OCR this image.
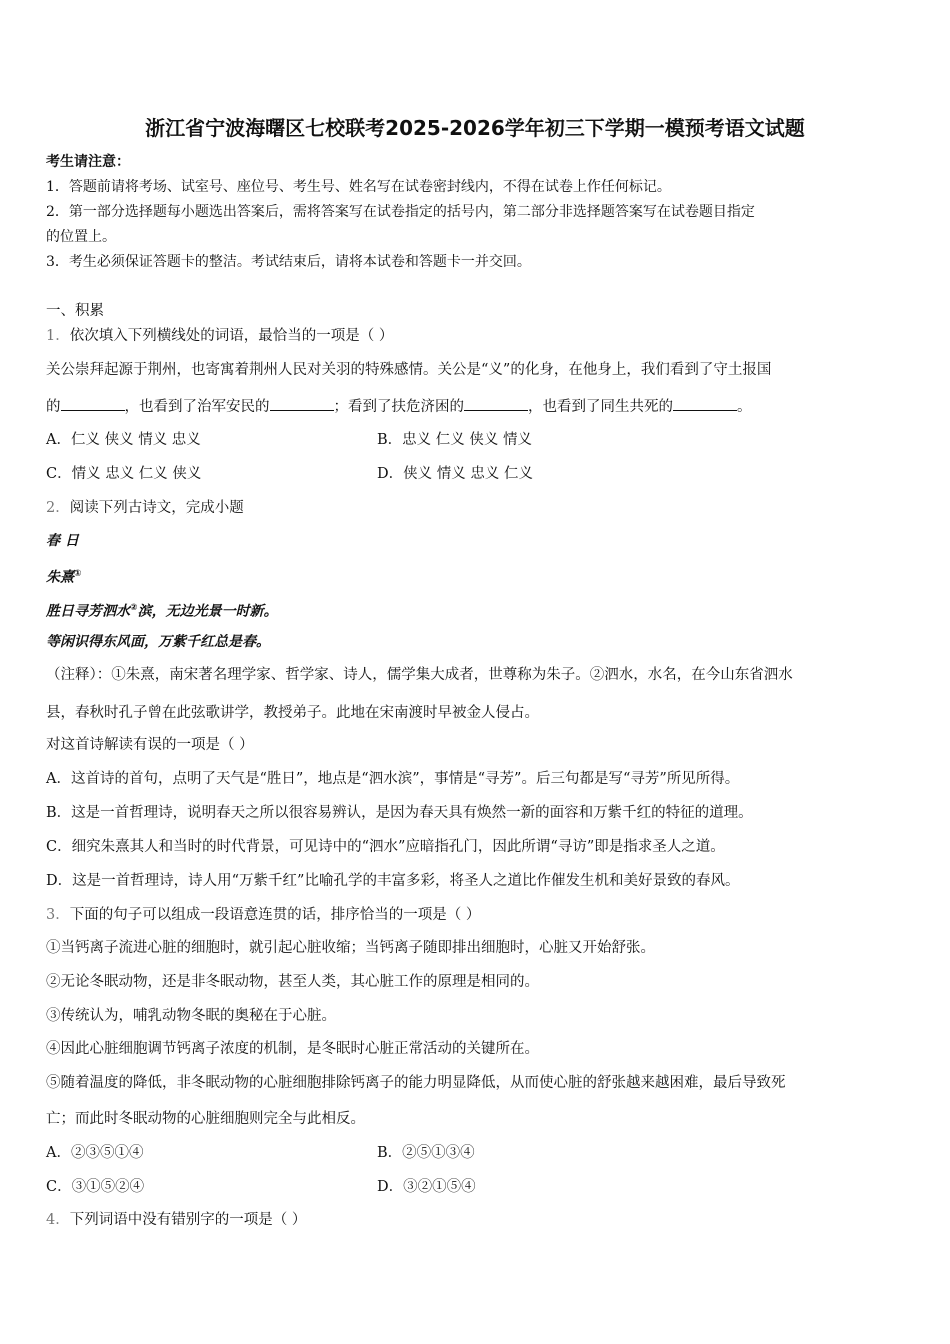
浙江省宁波海曙区七校联考2025-2026学年初三下学期一模预考语文试题
考生请注意：
1．答题前请将考场、试室号、座位号、考生号、姓名写在试卷密封线内，不得在试卷上作任何标记。
2．第一部分选择题每小题选出答案后，需将答案写在试卷指定的括号内，第二部分非选择题答案写在试卷题目指定
的位置上。
3．考生必须保证答题卡的整洁。考试结束后，请将本试卷和答题卡一并交回。
一、积累
1．依次填入下列横线处的词语，最恰当的一项是（ ）
关公崇拜起源于荆州，也寄寓着荆州人民对关羽的特殊感情。关公是“义”的化身，在他身上，我们看到了守土报国
的	，也看到了治军安民的	；看到了扶危济困的	，也看到了同生共死的	。
A．仁义 侠义 情义 忠义	B．忠义 仁义 侠义 情义
C．情义 忠义 仁义 侠义	D．侠义 情义 忠义 仁义
2．阅读下列古诗文，完成小题
春 日
朱熹①
胜日寻芳泗水②滨，无边光景一时新。
等闲识得东风面，万紫千红总是春。
（注释）：①朱熹，南宋著名理学家、哲学家、诗人，儒学集大成者，世尊称为朱子。②泗水，水名，在今山东省泗水
县，春秋时孔子曾在此弦歌讲学，教授弟子。此地在宋南渡时早被金人侵占。
对这首诗解读有误的一项是（ ）
A．这首诗的首句，点明了天气是“胜日”，地点是“泗水滨”，事情是“寻芳”。后三句都是写“寻芳”所见所得。
B．这是一首哲理诗，说明春天之所以很容易辨认，是因为春天具有焕然一新的面容和万紫千红的特征的道理。
C．细究朱熹其人和当时的时代背景，可见诗中的“泗水”应暗指孔门，因此所谓“寻访”即是指求圣人之道。
D．这是一首哲理诗，诗人用“万紫千红”比喻孔学的丰富多彩，将圣人之道比作催发生机和美好景致的春风。
3．下面的句子可以组成一段语意连贯的话，排序恰当的一项是（ ）
①当钙离子流进心脏的细胞时，就引起心脏收缩；当钙离子随即排出细胞时，心脏又开始舒张。
②无论冬眠动物，还是非冬眠动物，甚至人类，其心脏工作的原理是相同的。
③传统认为，哺乳动物冬眠的奥秘在于心脏。
④因此心脏细胞调节钙离子浓度的机制，是冬眠时心脏正常活动的关键所在。
⑤随着温度的降低，非冬眠动物的心脏细胞排除钙离子的能力明显降低，从而使心脏的舒张越来越困难，最后导致死
亡；而此时冬眠动物的心脏细胞则完全与此相反。
A．②③⑤①④	B．②⑤①③④
C．③①⑤②④	D．③②①⑤④
4．下列词语中没有错别字的一项是（ ）
